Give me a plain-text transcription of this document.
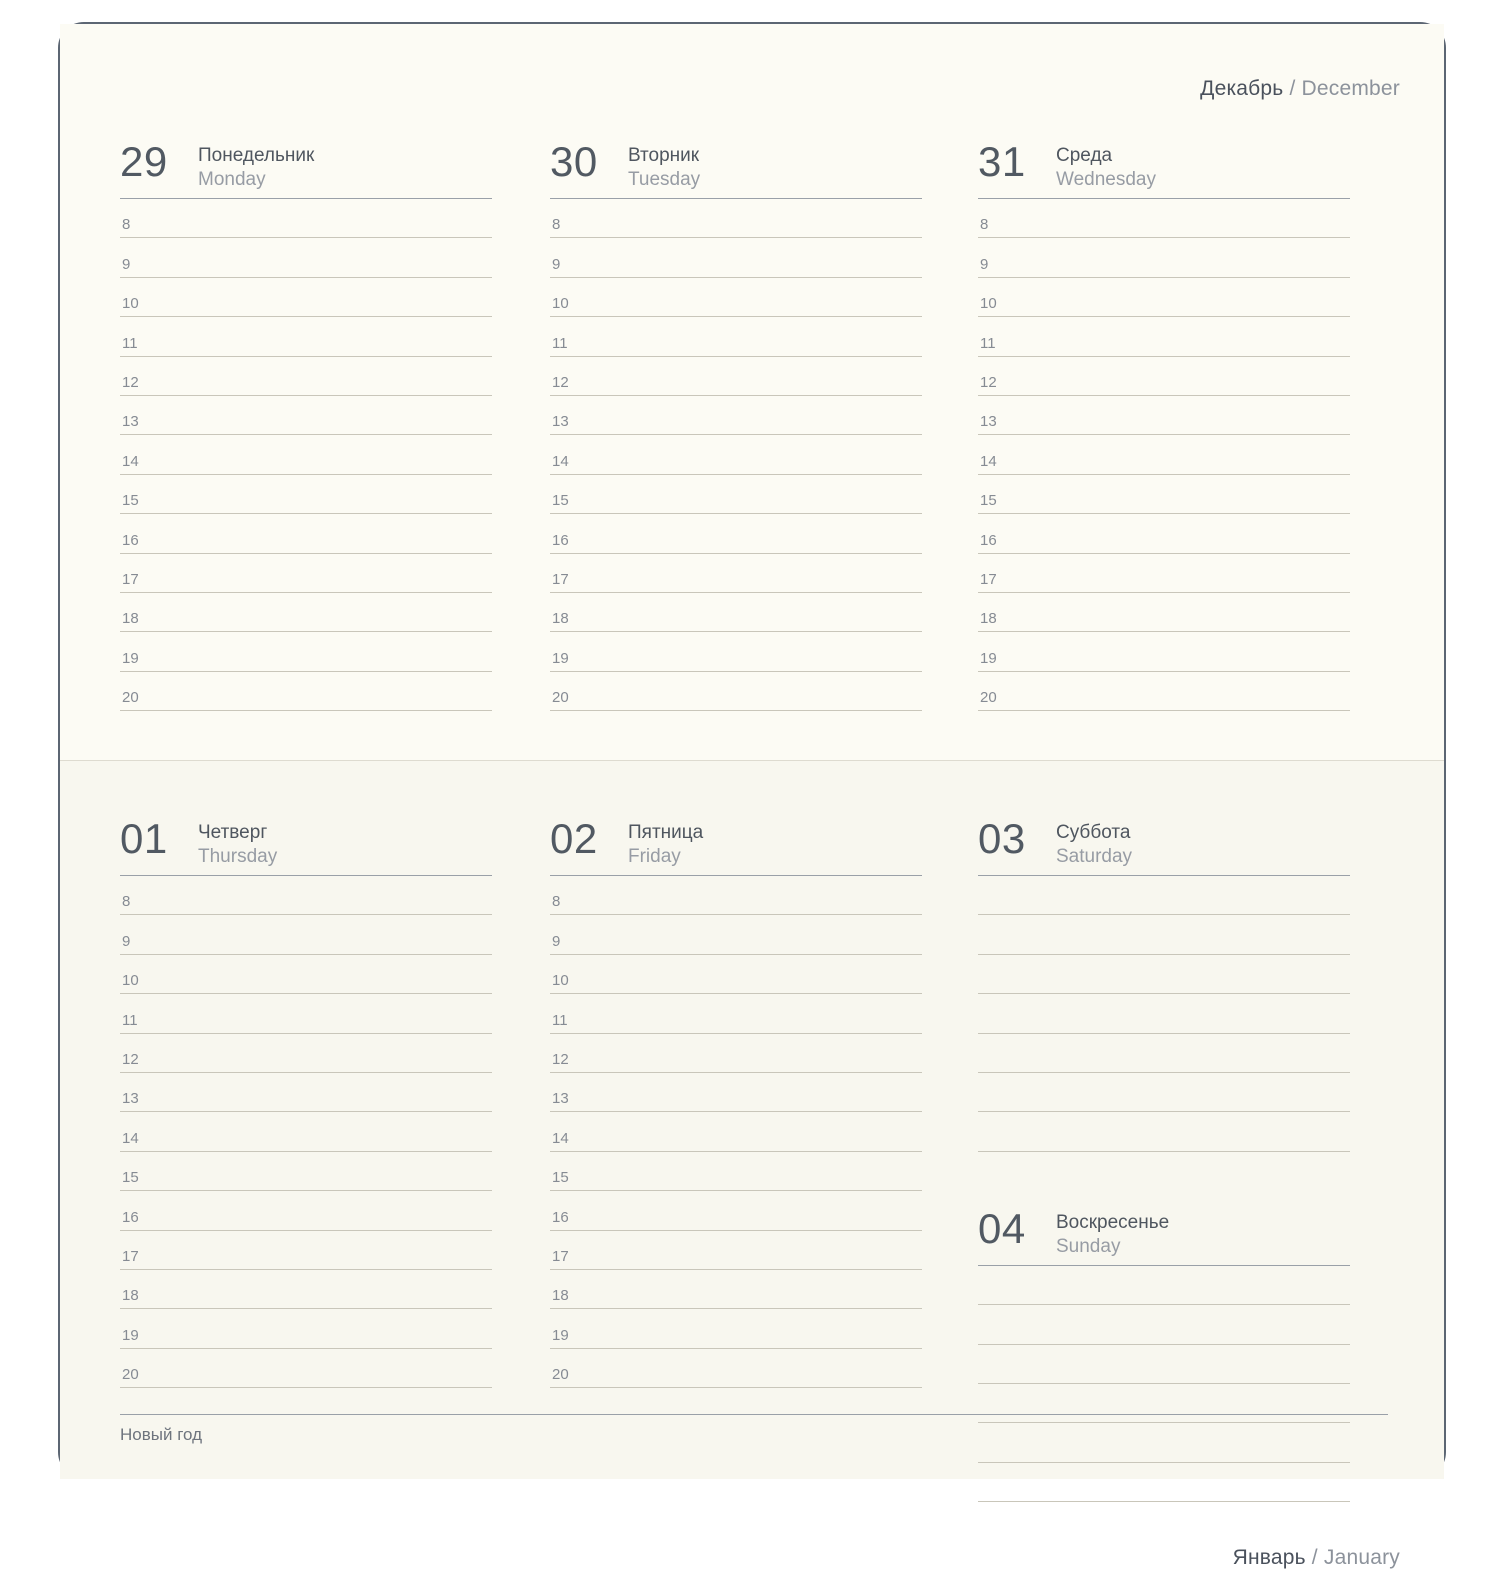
Декабрь / December
29 Понедельник
Monday
8
9
10
11
12
13
14
15
16
17
18
19
20
30 Вторник
Tuesday
8
9
10
11
12
13
14
15
16
17
18
19
20
31 Среда
Wednesday
8
9
10
11
12
13
14
15
16
17
18
19
20
Январь / January
01 Четверг
Thursday
8
9
10
11
12
13
14
15
16
17
18
19
20
02 Пятница
Friday
8
9
10
11
12
13
14
15
16
17
18
19
20
03 Суббота
Saturday
04 Воскресенье
Sunday
Новый год
